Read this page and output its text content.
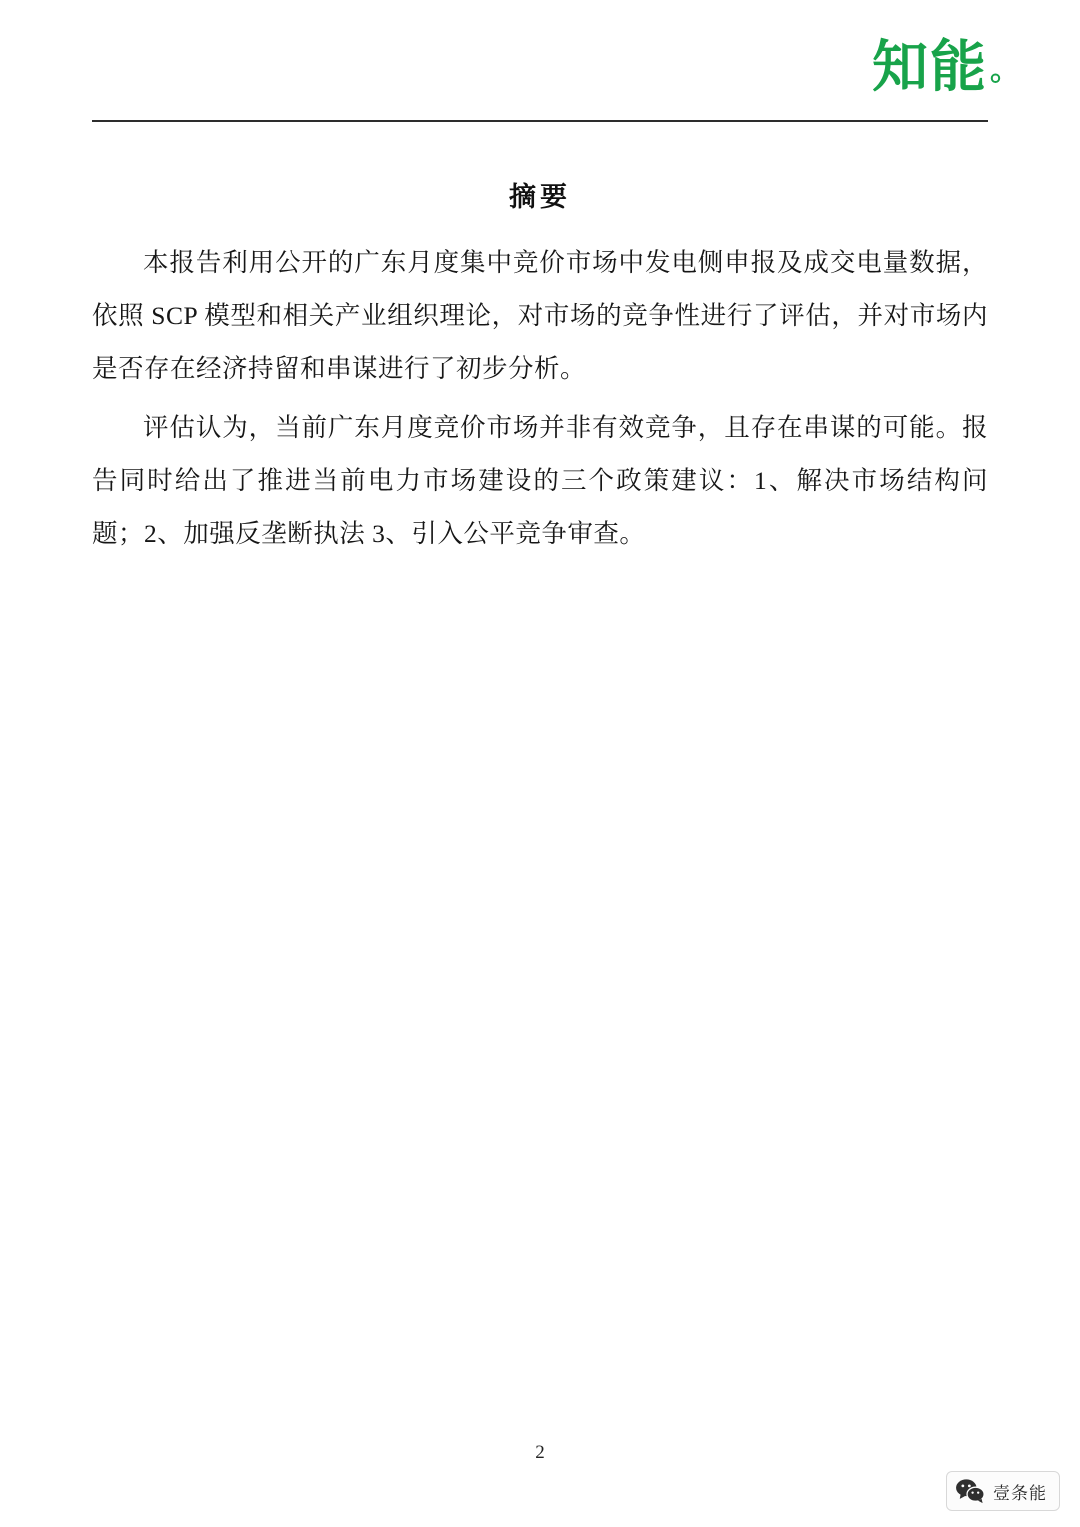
知能。
摘要

本报告利用公开的广东月度集中竞价市场中发电侧申报及成交电量数据，依照 SCP 模型和相关产业组织理论，对市场的竞争性进行了评估，并对市场内是否存在经济持留和串谋进行了初步分析。

评估认为，当前广东月度竞价市场并非有效竞争，且存在串谋的可能。报告同时给出了推进当前电力市场建设的三个政策建议：1、解决市场结构问题；2、加强反垄断执法 3、引入公平竞争审查。

2
壹条能
